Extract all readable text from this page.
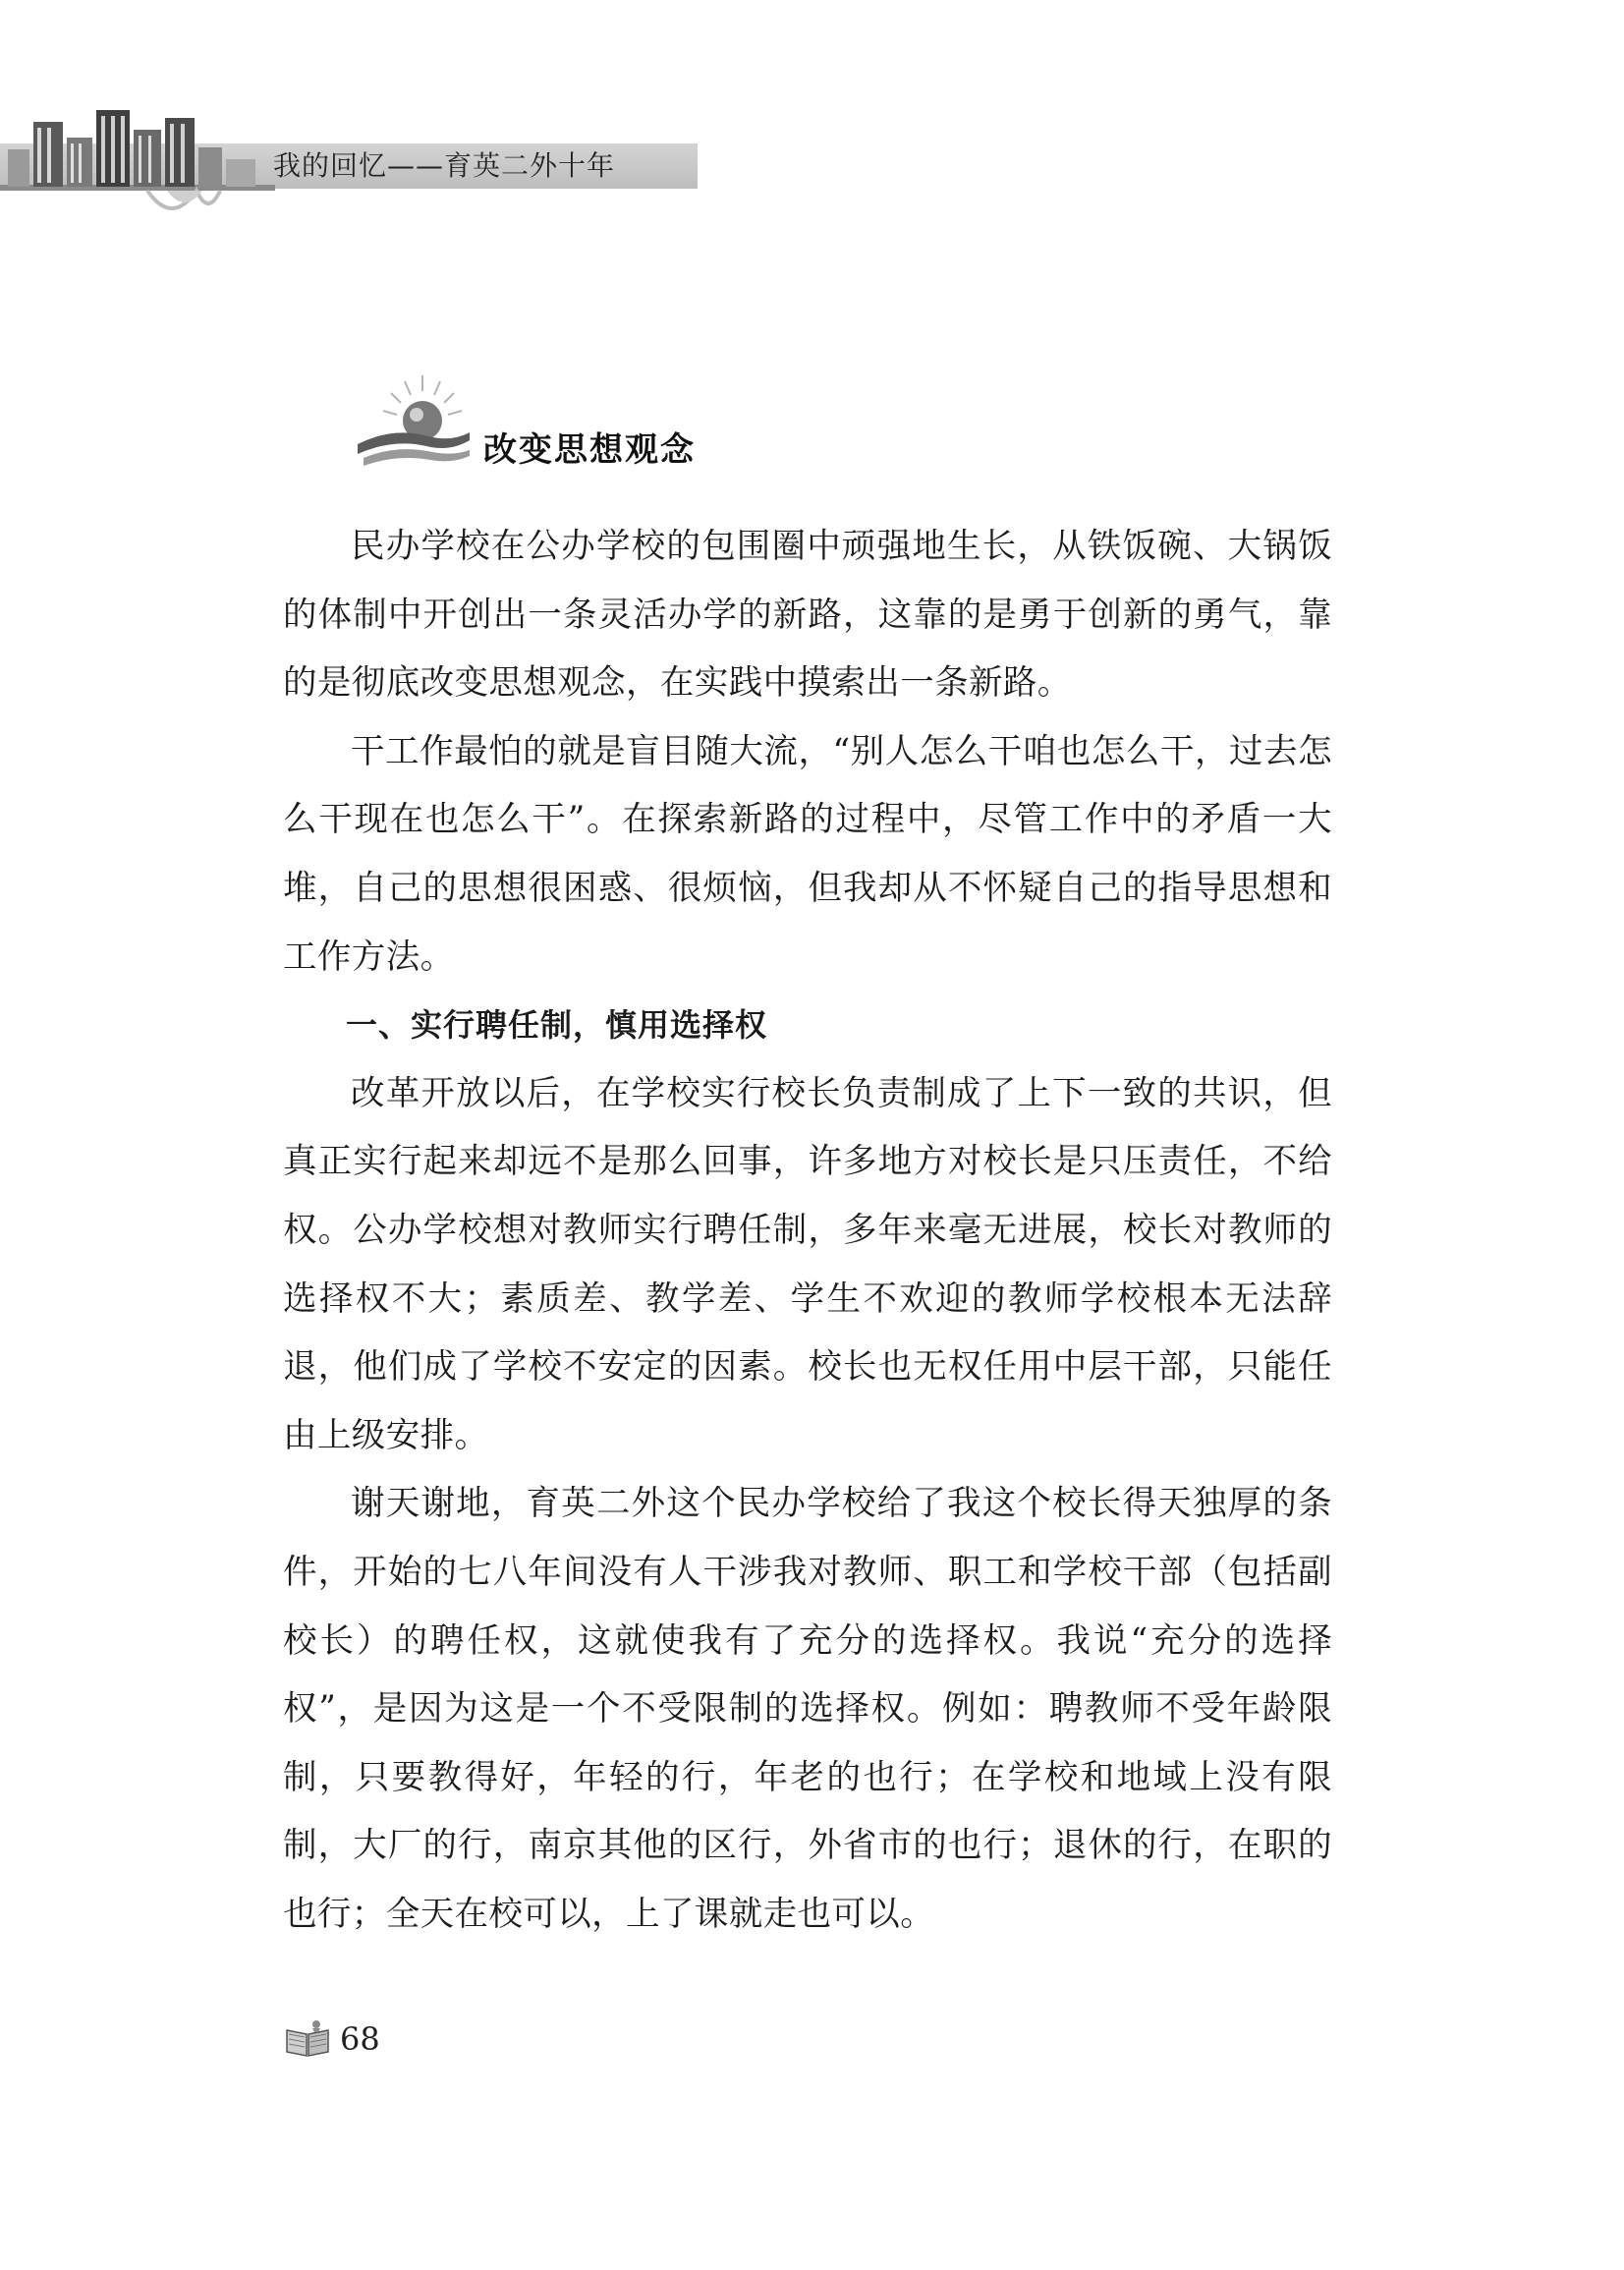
我的回忆——育英二外十年
改变思想观念

民办学校在公办学校的包围圈中顽强地生长，从铁饭碗、大锅饭的体制中开创出一条灵活办学的新路，这靠的是勇于创新的勇气，靠的是彻底改变思想观念，在实践中摸索出一条新路。

干工作最怕的就是盲目随大流，“别人怎么干咱也怎么干，过去怎么干现在也怎么干”。在探索新路的过程中，尽管工作中的矛盾一大堆，自己的思想很困惑、很烦恼，但我却从不怀疑自己的指导思想和工作方法。

一、实行聘任制，慎用选择权

改革开放以后，在学校实行校长负责制成了上下一致的共识，但真正实行起来却远不是那么回事，许多地方对校长是只压责任，不给权。公办学校想对教师实行聘任制，多年来毫无进展，校长对教师的选择权不大；素质差、教学差、学生不欢迎的教师学校根本无法辞退，他们成了学校不安定的因素。校长也无权任用中层干部，只能任由上级安排。

谢天谢地，育英二外这个民办学校给了我这个校长得天独厚的条件，开始的七八年间没有人干涉我对教师、职工和学校干部（包括副校长）的聘任权，这就使我有了充分的选择权。我说“充分的选择权”，是因为这是一个不受限制的选择权。例如：聘教师不受年龄限制，只要教得好，年轻的行，年老的也行；在学校和地域上没有限制，大厂的行，南京其他的区行，外省市的也行；退休的行，在职的也行；全天在校可以，上了课就走也可以。

68
